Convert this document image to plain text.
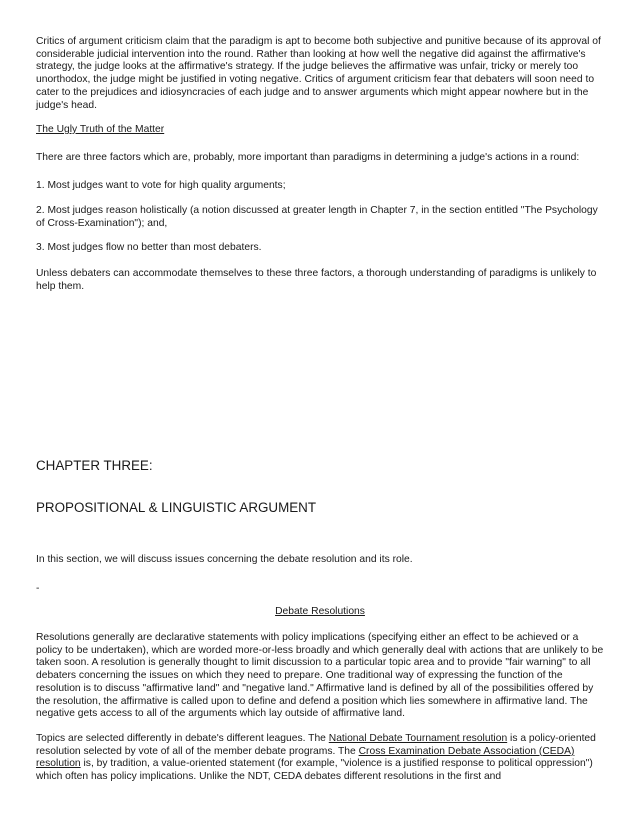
Critics of argument criticism claim that the paradigm is apt to become both subjective and punitive because of its approval of considerable judicial intervention into the round. Rather than looking at how well the negative did against the affirmative's strategy, the judge looks at the affirmative's strategy. If the judge believes the affirmative was unfair, tricky or merely too unorthodox, the judge might be justified in voting negative. Critics of argument criticism fear that debaters will soon need to cater to the prejudices and idiosyncracies of each judge and to answer arguments which might appear nowhere but in the judge's head.

The Ugly Truth of the Matter

There are three factors which are, probably, more important than paradigms in determining a judge's actions in a round:

1. Most judges want to vote for high quality arguments;

2. Most judges reason holistically (a notion discussed at greater length in Chapter 7, in the section entitled "The Psychology of Cross-Examination"); and,

3. Most judges flow no better than most debaters.

Unless debaters can accommodate themselves to these three factors, a thorough understanding of paradigms is unlikely to help them.

CHAPTER THREE:

PROPOSITIONAL & LINGUISTIC ARGUMENT

In this section, we will discuss issues concerning the debate resolution and its role.

-

Debate Resolutions

Resolutions generally are declarative statements with policy implications (specifying either an effect to be achieved or a policy to be undertaken), which are worded more-or-less broadly and which generally deal with actions that are unlikely to be taken soon. A resolution is generally thought to limit discussion to a particular topic area and to provide "fair warning" to all debaters concerning the issues on which they need to prepare. One traditional way of expressing the function of the resolution is to discuss "affirmative land" and "negative land." Affirmative land is defined by all of the possibilities offered by the resolution, the affirmative is called upon to define and defend a position which lies somewhere in affirmative land. The negative gets access to all of the arguments which lay outside of affirmative land.

Topics are selected differently in debate's different leagues. The National Debate Tournament resolution is a policy-oriented resolution selected by vote of all of the member debate programs. The Cross Examination Debate Association (CEDA) resolution is, by tradition, a value-oriented statement (for example, "violence is a justified response to political oppression") which often has policy implications. Unlike the NDT, CEDA debates different resolutions in the first and
